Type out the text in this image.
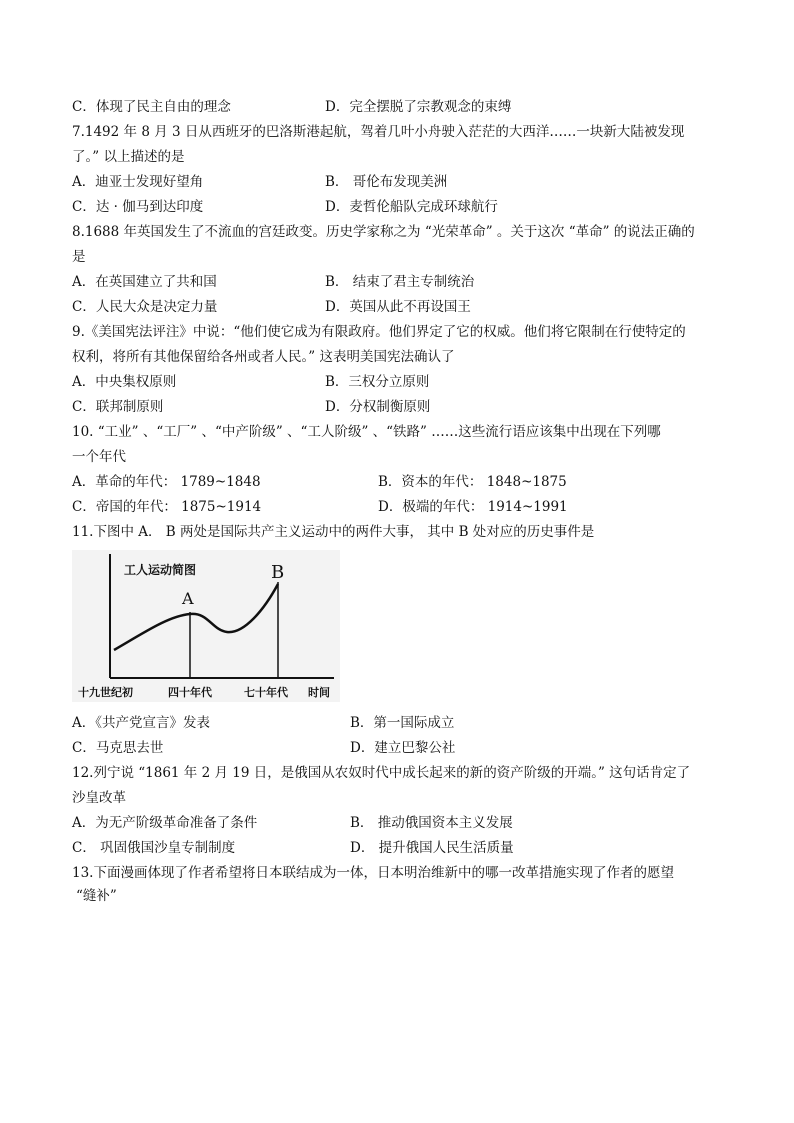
C．体现了民主自由的理念	D．完全摆脱了宗教观念的束缚
7.1492 年 8 月 3 日从西班牙的巴洛斯港起航，驾着几叶小舟驶入茫茫的大西洋……一块新大陆被发现
了。” 以上描述的是
A．迪亚士发现好望角	B． 哥伦布发现美洲
C．达 · 伽马到达印度	D．麦哲伦船队完成环球航行
8.1688 年英国发生了不流血的宫廷政变。历史学家称之为 “光荣革命” 。关于这次 “革命” 的说法正确的
是
A．在英国建立了共和国	B． 结束了君主专制统治
C．人民大众是决定力量	D．英国从此不再设国王
9.《美国宪法评注》中说：“他们使它成为有限政府。他们界定了它的权威。他们将它限制在行使特定的
权利，将所有其他保留给各州或者人民。” 这表明美国宪法确认了
A．中央集权原则	B．三权分立原则
C．联邦制原则	D．分权制衡原则
10. “工业” 、“工厂” 、“中产阶级” 、“工人阶级” 、“铁路” ……这些流行语应该集中出现在下列哪
一个年代
A．革命的年代： 1789~1848	B．资本的年代： 1848~1875
C．帝国的年代： 1875~1914	D．极端的年代： 1914~1991
11.下图中 A． B 两处是国际共产主义运动中的两件大事， 其中 B 处对应的历史事件是
工人运动简图
A
B
十九世纪初	四十年代	七十年代 时间
A．《共产党宣言》发表	B．第一国际成立
C．马克思去世	D．建立巴黎公社
12.列宁说 “1861 年 2 月 19 日，是俄国从农奴时代中成长起来的新的资产阶级的开端。” 这句话肯定了
沙皇改革
A．为无产阶级革命准备了条件	B． 推动俄国资本主义发展
C． 巩固俄国沙皇专制制度	D． 提升俄国人民生活质量
13.下面漫画体现了作者希望将日本联结成为一体，日本明治维新中的哪一改革措施实现了作者的愿望
“缝补”
